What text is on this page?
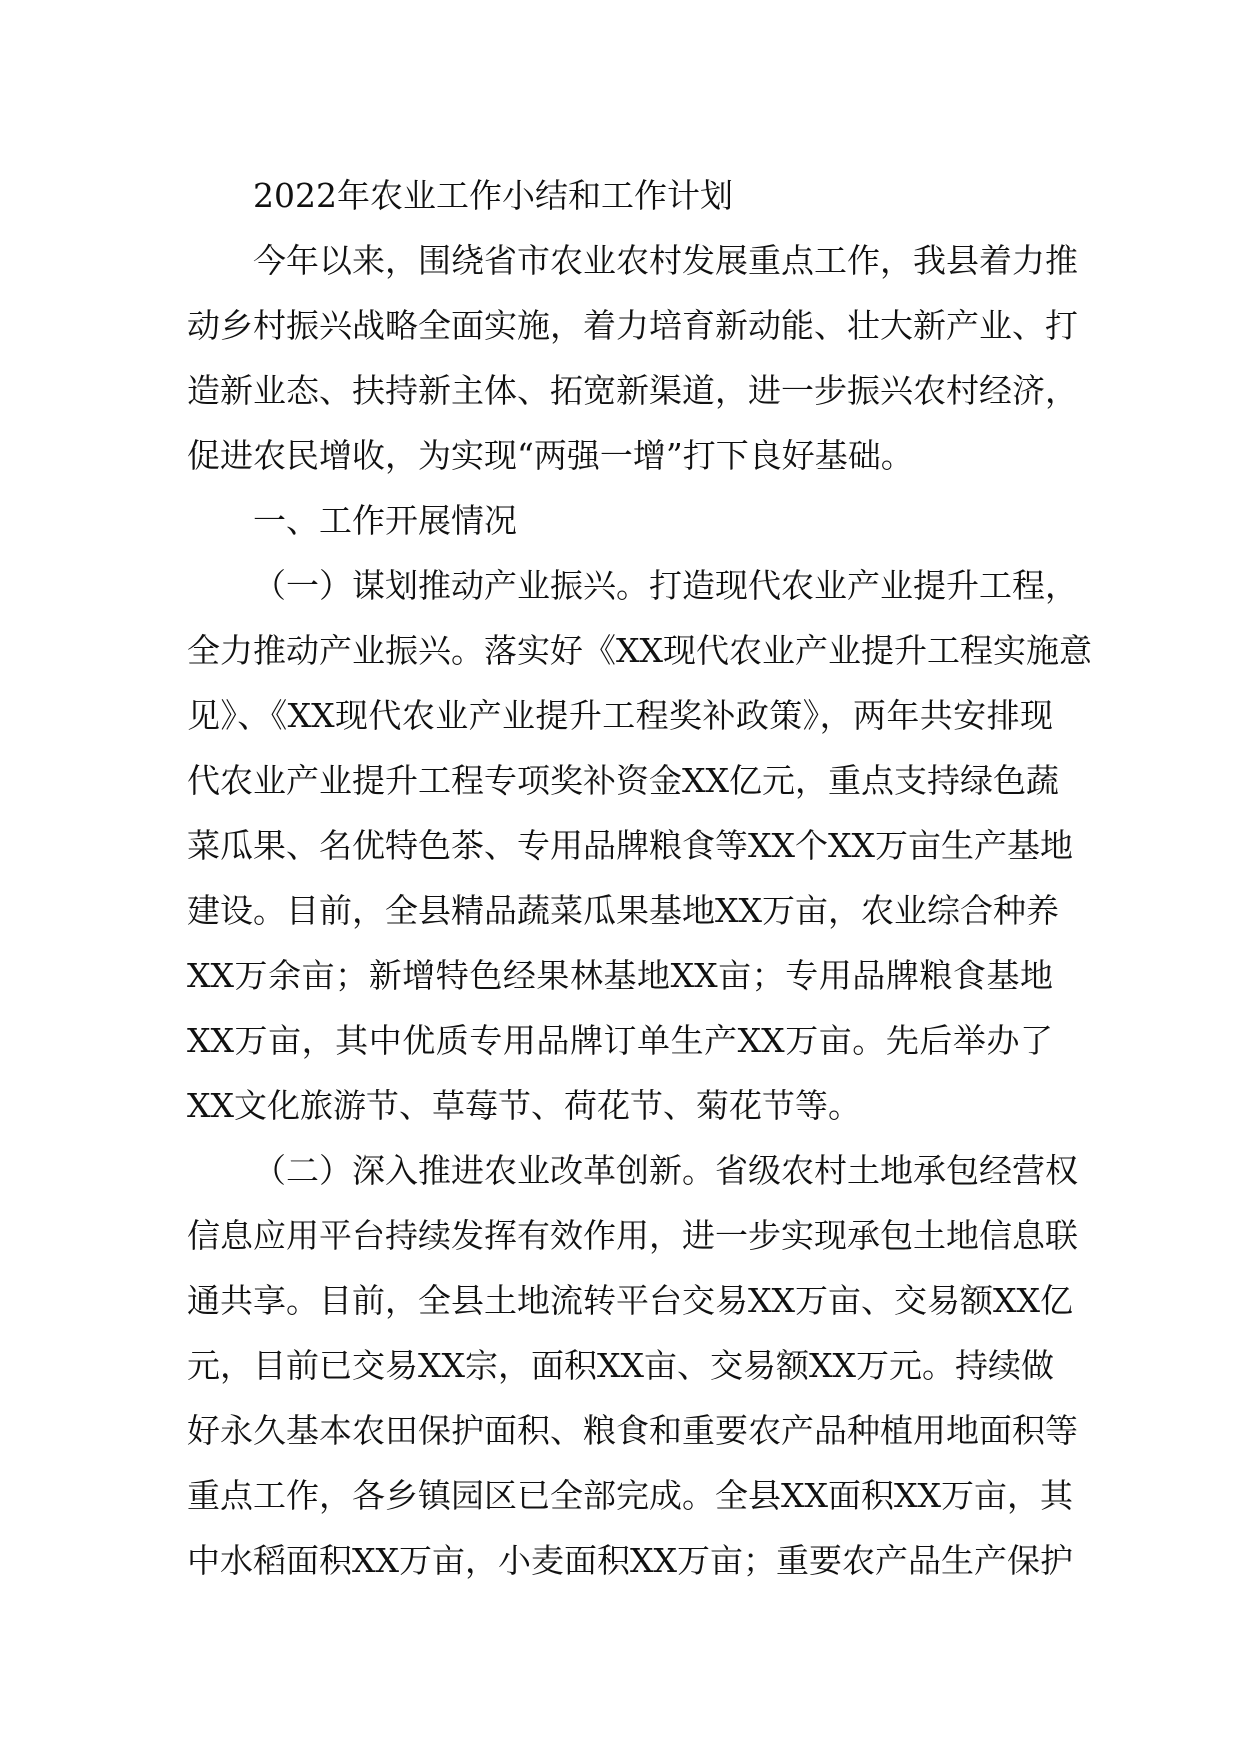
2022年农业工作小结和工作计划
今年以来，围绕省市农业农村发展重点工作，我县着力推
动乡村振兴战略全面实施，着力培育新动能、壮大新产业、打
造新业态、扶持新主体、拓宽新渠道，进一步振兴农村经济，
促进农民增收，为实现“两强一增”打下良好基础。
一、工作开展情况
（一）谋划推动产业振兴。打造现代农业产业提升工程，
全力推动产业振兴。落实好《XX现代农业产业提升工程实施意
见》、《XX现代农业产业提升工程奖补政策》，两年共安排现
代农业产业提升工程专项奖补资金XX亿元，重点支持绿色蔬
菜瓜果、名优特色茶、专用品牌粮食等XX个XX万亩生产基地
建设。目前，全县精品蔬菜瓜果基地XX万亩，农业综合种养
XX万余亩；新增特色经果林基地XX亩；专用品牌粮食基地
XX万亩，其中优质专用品牌订单生产XX万亩。先后举办了
XX文化旅游节、草莓节、荷花节、菊花节等。
（二）深入推进农业改革创新。省级农村土地承包经营权
信息应用平台持续发挥有效作用，进一步实现承包土地信息联
通共享。目前，全县土地流转平台交易XX万亩、交易额XX亿
元，目前已交易XX宗，面积XX亩、交易额XX万元。持续做
好永久基本农田保护面积、粮食和重要农产品种植用地面积等
重点工作，各乡镇园区已全部完成。全县XX面积XX万亩，其
中水稻面积XX万亩，小麦面积XX万亩；重要农产品生产保护
